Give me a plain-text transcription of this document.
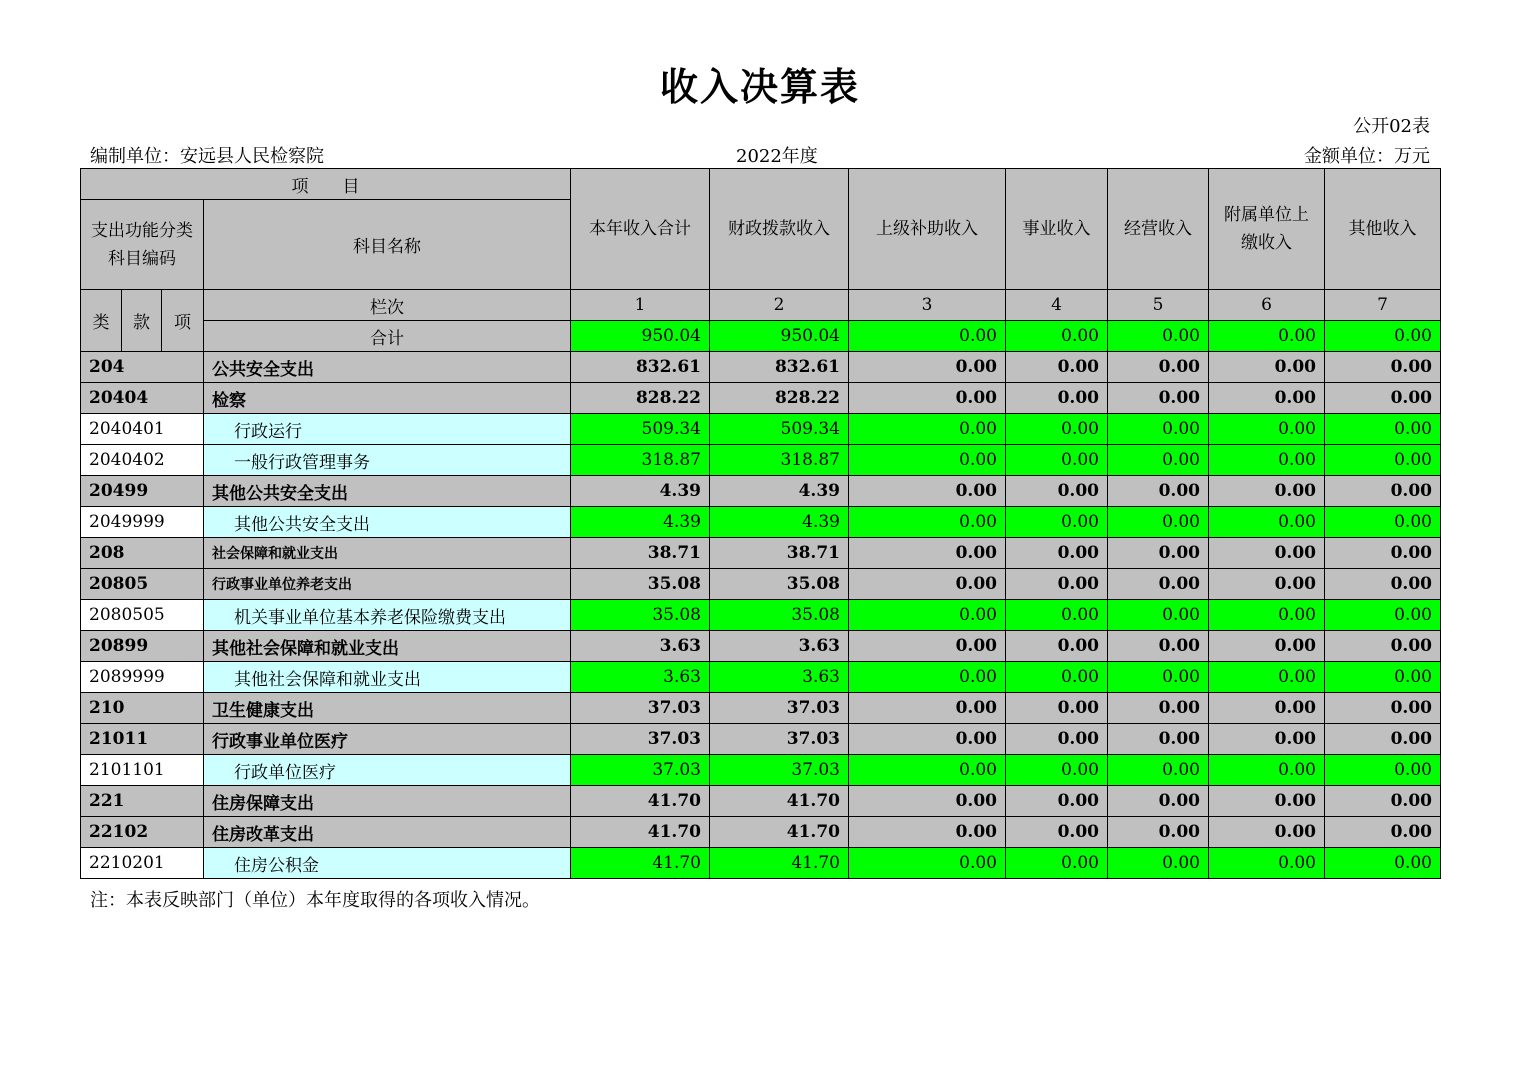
收入决算表
公开02表
编制单位：安远县人民检察院	2022年度	金额单位：万元
项　　目				本年收入合计	财政拨款收入	上级补助收入	事业收入	经营收入	附属单位上缴收入	其他收入
支出功能分类科目编码			科目名称							

类	款	项	栏次	1	2	3	4	5	6	7
			合计	950.04	950.04	0.00	0.00	0.00	0.00	0.00
204			公共安全支出	832.61	832.61	0.00	0.00	0.00	0.00	0.00
20404			检察	828.22	828.22	0.00	0.00	0.00	0.00	0.00
2040401			行政运行	509.34	509.34	0.00	0.00	0.00	0.00	0.00
2040402			一般行政管理事务	318.87	318.87	0.00	0.00	0.00	0.00	0.00
20499			其他公共安全支出	4.39	4.39	0.00	0.00	0.00	0.00	0.00
2049999			其他公共安全支出	4.39	4.39	0.00	0.00	0.00	0.00	0.00
208			社会保障和就业支出	38.71	38.71	0.00	0.00	0.00	0.00	0.00
20805			行政事业单位养老支出	35.08	35.08	0.00	0.00	0.00	0.00	0.00
2080505			机关事业单位基本养老保险缴费支出	35.08	35.08	0.00	0.00	0.00	0.00	0.00
20899			其他社会保障和就业支出	3.63	3.63	0.00	0.00	0.00	0.00	0.00
2089999			其他社会保障和就业支出	3.63	3.63	0.00	0.00	0.00	0.00	0.00
210			卫生健康支出	37.03	37.03	0.00	0.00	0.00	0.00	0.00
21011			行政事业单位医疗	37.03	37.03	0.00	0.00	0.00	0.00	0.00
2101101			行政单位医疗	37.03	37.03	0.00	0.00	0.00	0.00	0.00
221			住房保障支出	41.70	41.70	0.00	0.00	0.00	0.00	0.00
22102			住房改革支出	41.70	41.70	0.00	0.00	0.00	0.00	0.00
2210201			住房公积金	41.70	41.70	0.00	0.00	0.00	0.00	0.00
注：本表反映部门（单位）本年度取得的各项收入情况。
